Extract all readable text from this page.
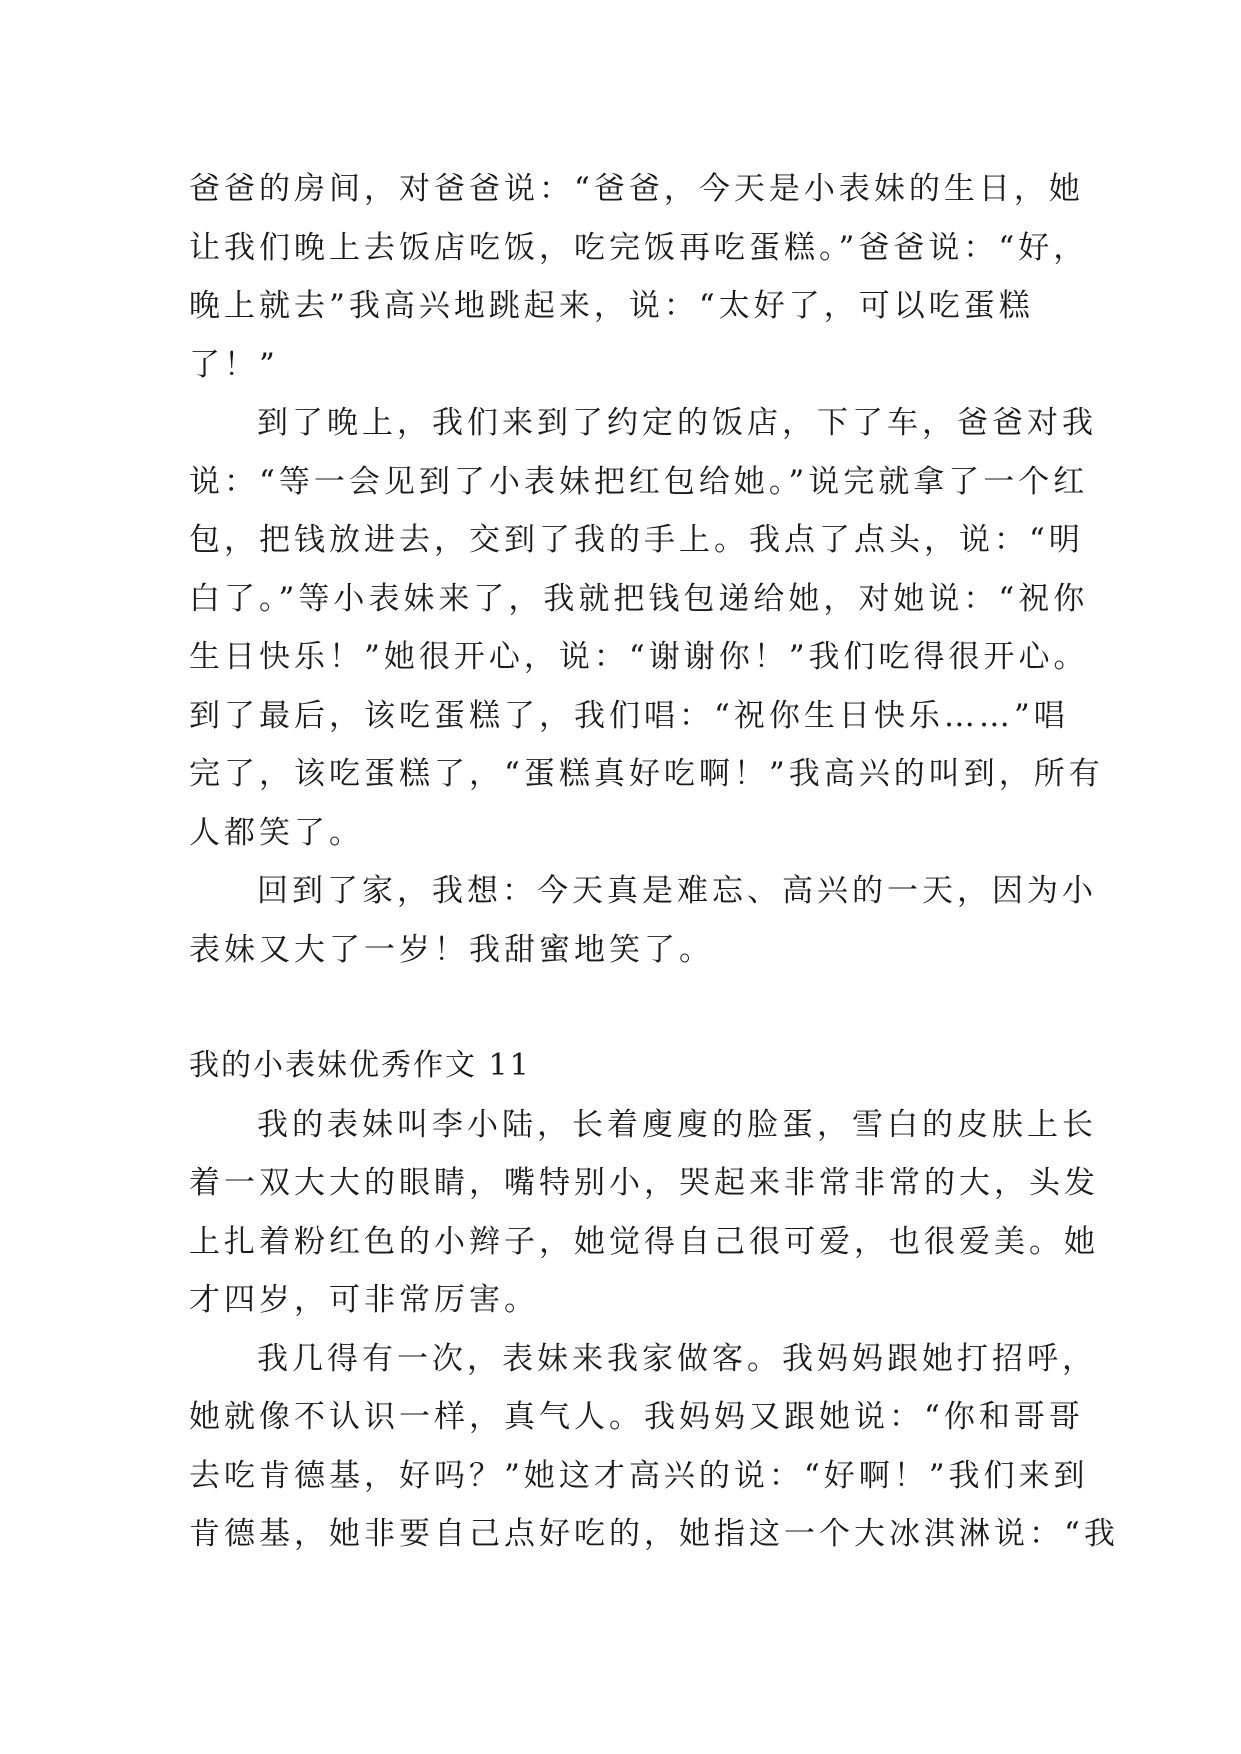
爸爸的房间，对爸爸说：“爸爸，今天是小表妹的生日，她
让我们晚上去饭店吃饭，吃完饭再吃蛋糕。”爸爸说：“好，
晚上就去”我高兴地跳起来，说：“太好了，可以吃蛋糕
了！”
到了晚上，我们来到了约定的饭店，下了车，爸爸对我
说：“等一会见到了小表妹把红包给她。”说完就拿了一个红
包，把钱放进去，交到了我的手上。我点了点头，说：“明
白了。”等小表妹来了，我就把钱包递给她，对她说：“祝你
生日快乐！”她很开心，说：“谢谢你！”我们吃得很开心。
到了最后，该吃蛋糕了，我们唱：“祝你生日快乐……”唱
完了，该吃蛋糕了，“蛋糕真好吃啊！”我高兴的叫到，所有
人都笑了。
回到了家，我想：今天真是难忘、高兴的一天，因为小
表妹又大了一岁！我甜蜜地笑了。
我的小表妹优秀作文 11
我的表妹叫李小陆，长着廋廋的脸蛋，雪白的皮肤上长
着一双大大的眼睛，嘴特别小，哭起来非常非常的大，头发
上扎着粉红色的小辫子，她觉得自己很可爱，也很爱美。她
才四岁，可非常厉害。
我几得有一次，表妹来我家做客。我妈妈跟她打招呼，
她就像不认识一样，真气人。我妈妈又跟她说：“你和哥哥
去吃肯德基，好吗？”她这才高兴的说：“好啊！”我们来到
肯德基，她非要自己点好吃的，她指这一个大冰淇淋说：“我
